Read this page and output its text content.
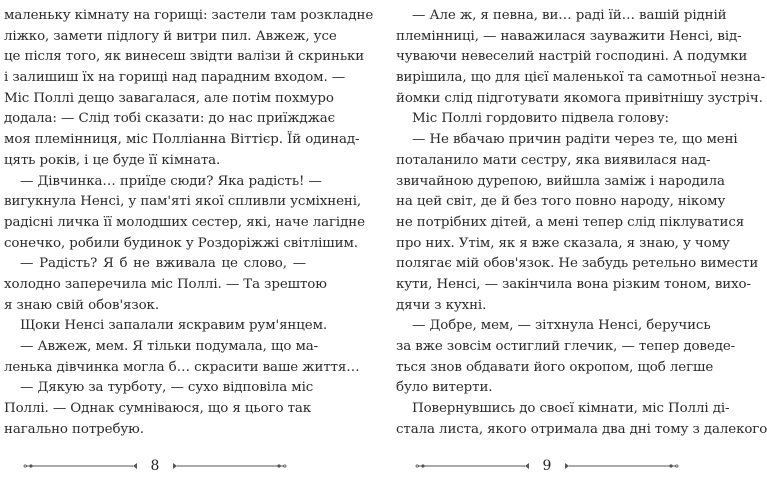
маленьку кімнату на горищі: застели там розкладне
ліжко, замети підлогу й витри пил. Авжеж, усе
це після того, як винесеш звідти валізи й скриньки
і залишиш їх на горищі над парадним входом. —
Міс Поллі дещо завагалася, але потім похмуро
додала: — Слід тобі сказати: до нас приїжджає
моя племінниця, міс Полліанна Віттієр. Їй одинад-
цять років, і це буде її кімната.
— Дівчинка… приїде сюди? Яка радість! —
вигукнула Ненсі, у пам'яті якої спливли усміхнені,
радісні личка її молодших сестер, які, наче лагідне
сонечко, робили будинок у Роздоріжжі світлішим.
— Радість? Я б не вживала це слово, —
холодно заперечила міс Поллі. — Та зрештою
я знаю свій обов'язок.
Щоки Ненсі запалали яскравим рум'янцем.
— Авжеж, мем. Я тільки подумала, що ма-
ленька дівчинка могла б… скрасити ваше життя…
— Дякую за турботу, — сухо відповіла міс
Поллі. — Однак сумніваюся, що я цього так
нагально потребую.
8
— Але ж, я певна, ви… раді їй… вашій рідній
племінниці, — наважилася зауважити Ненсі, від-
чуваючи невеселий настрій господині. А подумки
вирішила, що для цієї маленької та самотньої незна-
йомки слід підготувати якомога привітнішу зустріч.
Міс Поллі гордовито підвела голову:
— Не вбачаю причин радіти через те, що мені
поталанило мати сестру, яка виявилася над-
звичайною дурепою, вийшла заміж і народила
на цей світ, де й без того повно народу, нікому
не потрібних дітей, а мені тепер слід піклуватися
про них. Утім, як я вже сказала, я знаю, у чому
полягає мій обов'язок. Не забудь ретельно вимести
кути, Ненсі, — закінчила вона різким тоном, вихо-
дячи з кухні.
— Добре, мем, — зітхнула Ненсі, беручись
за вже зовсім остиглий глечик, — тепер доведе-
ться знов обдавати його окропом, щоб легше
було витерти.
Повернувшись до своєї кімнати, міс Поллі ді-
стала листа, якого отримала два дні тому з далекого
9
